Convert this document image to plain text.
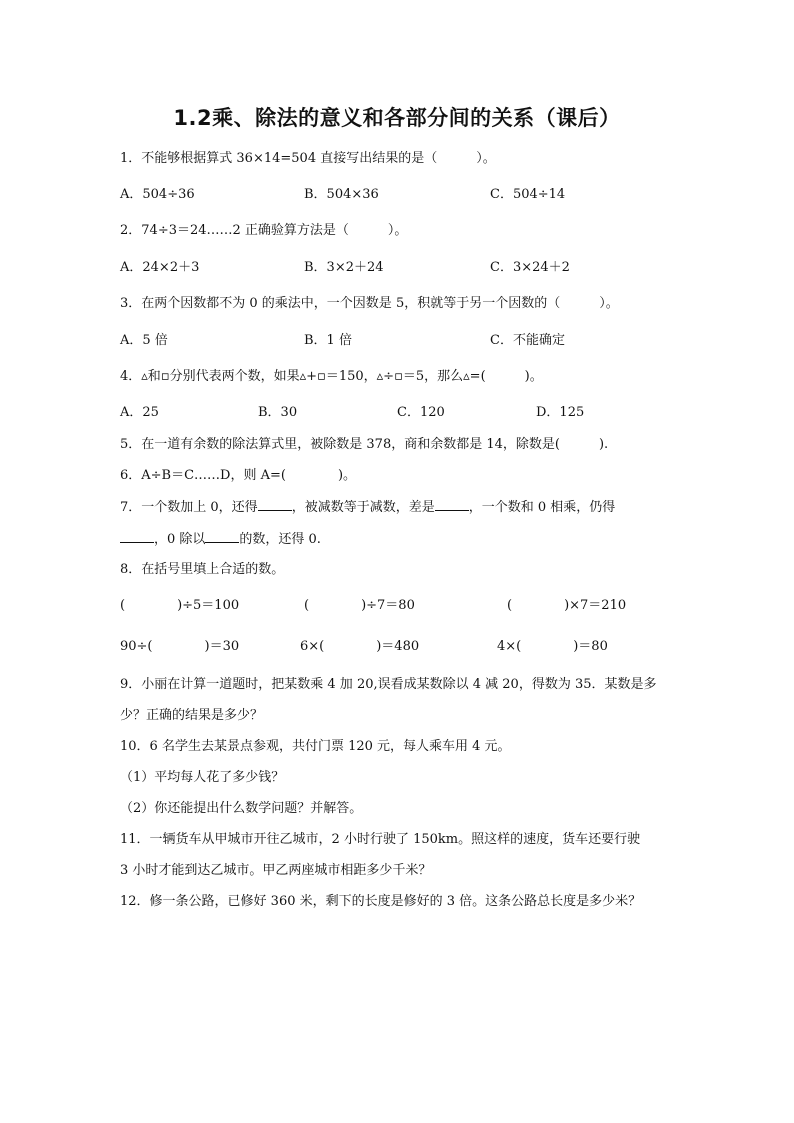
1.2乘、除法的意义和各部分间的关系（课后）
1．不能够根据算式 36×14=504 直接写出结果的是（　　　）。
A．504÷36	B．504×36	C．504÷14
2．74÷3＝24……2 正确验算方法是（　　　）。
A．24×2＋3	B．3×2＋24	C．3×24＋2
3．在两个因数都不为 0 的乘法中，一个因数是 5，积就等于另一个因数的（　　　）。
A．5 倍	B．1 倍	C．不能确定
4．▵和▫分别代表两个数，如果▵+▫＝150，▵÷▫＝5，那么▵=(　　　)。
A．25	B．30	C．120	D．125
5．在一道有余数的除法算式里，被除数是 378，商和余数都是 14，除数是(　　　).
6．A÷B＝C……D，则 A=(　　　　)。
7．一个数加上 0，还得	，被减数等于减数，差是	，一个数和 0 相乘，仍得
，0 除以	的数，还得 0.
8．在括号里填上合适的数。
(　　　　)÷5＝100	(　　　　)÷7＝80	(　　　　)×7＝210
90÷(　　　　)＝30	6×(　　　　)＝480	4×(　　　　)＝80
9．小丽在计算一道题时，把某数乘 4 加 20,误看成某数除以 4 减 20，得数为 35．某数是多
少？正确的结果是多少？
10．6 名学生去某景点参观，共付门票 120 元，每人乘车用 4 元。
（1）平均每人花了多少钱？
（2）你还能提出什么数学问题？并解答。
11．一辆货车从甲城市开往乙城市，2 小时行驶了 150km。照这样的速度，货车还要行驶
3 小时才能到达乙城市。甲乙两座城市相距多少千米？
12．修一条公路，已修好 360 米，剩下的长度是修好的 3 倍。这条公路总长度是多少米？
